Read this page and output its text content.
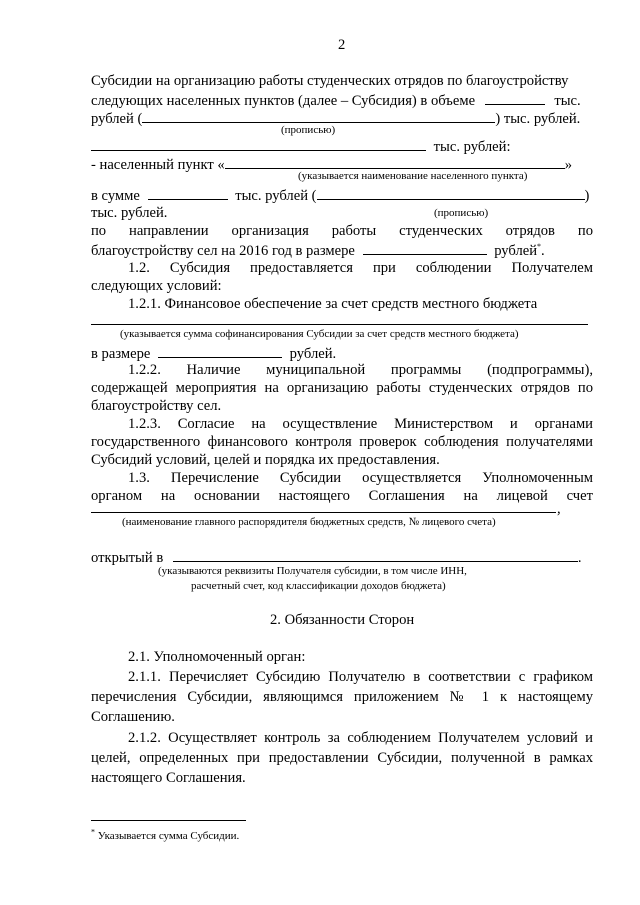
2
Субсидии на организацию работы студенческих отрядов по благоустройству
следующих населенных пунктов (далее – Субсидия) в объеме	тыс.
рублей (	) тыс. рублей.
(прописью)
тыс. рублей:
- населенный пункт «	»
(указывается наименование населенного пункта)
в сумме	тыс. рублей (	)
тыс. рублей.	(прописью)
по направлении организация работы студенческих отрядов по
благоустройству сел на 2016 год в размере	рублей*.
1.2. Субсидия предоставляется при соблюдении Получателем
следующих условий:
1.2.1. Финансовое обеспечение за счет средств местного бюджета
(указывается сумма софинансирования Субсидии за счет средств местного бюджета)
в размере	рублей.
1.2.2. Наличие муниципальной программы (подпрограммы),
содержащей мероприятия на организацию работы студенческих отрядов по
благоустройству сел.
1.2.3. Согласие на осуществление Министерством и органами
государственного финансового контроля проверок соблюдения получателями
Субсидий условий, целей и порядка их предоставления.
1.3. Перечисление Субсидии осуществляется Уполномоченным
органом на основании настоящего Соглашения на лицевой счет
,
(наименование главного распорядителя бюджетных средств, № лицевого счета)
открытый в	.
(указываются реквизиты Получателя субсидии, в том числе ИНН,
расчетный счет, код классификации доходов бюджета)
2. Обязанности Сторон
2.1. Уполномоченный орган:
2.1.1. Перечисляет Субсидию Получателю в соответствии с графиком
перечисления Субсидии, являющимся приложением № 1 к настоящему
Соглашению.
2.1.2. Осуществляет контроль за соблюдением Получателем условий и
целей, определенных при предоставлении Субсидии, полученной в рамках
настоящего Соглашения.
* Указывается сумма Субсидии.
